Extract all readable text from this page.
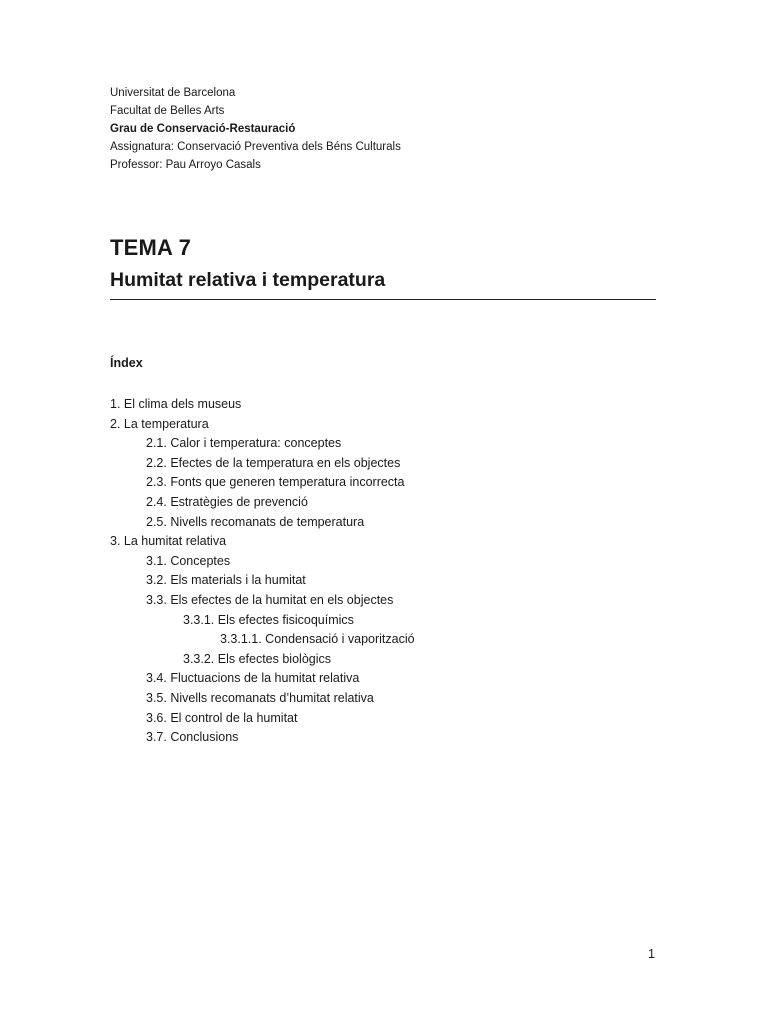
Universitat de Barcelona
Facultat de Belles Arts
Grau de Conservació-Restauració
Assignatura: Conservació Preventiva dels Béns Culturals
Professor: Pau Arroyo Casals
TEMA 7
Humitat relativa i temperatura
Índex
1. El clima dels museus
2. La temperatura
2.1. Calor i temperatura: conceptes
2.2. Efectes de la temperatura en els objectes
2.3. Fonts que generen temperatura incorrecta
2.4. Estratègies de prevenció
2.5. Nivells recomanats de temperatura
3. La humitat relativa
3.1. Conceptes
3.2. Els materials i la humitat
3.3. Els efectes de la humitat en els objectes
3.3.1. Els efectes fisicoquímics
3.3.1.1. Condensació i vaporització
3.3.2. Els efectes biològics
3.4. Fluctuacions de la humitat relativa
3.5. Nivells recomanats d’humitat relativa
3.6. El control de la humitat
3.7. Conclusions
1
